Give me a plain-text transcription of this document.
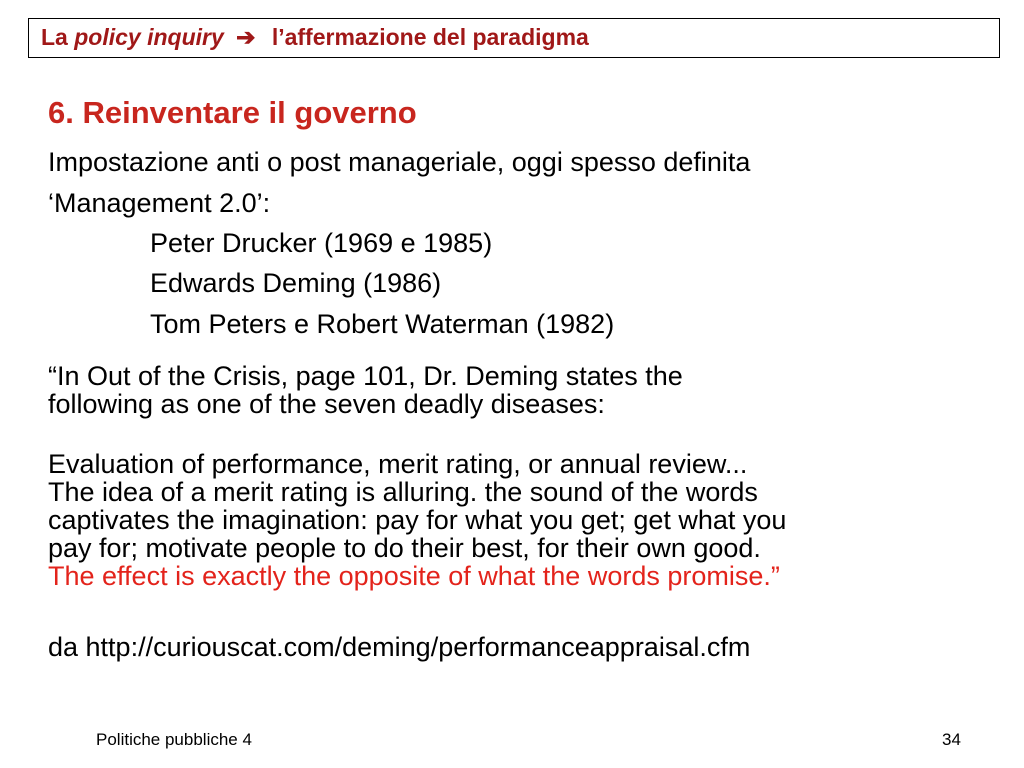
La policy inquiry ➔ l’affermazione del paradigma
6. Reinventare il governo
Impostazione anti o post manageriale, oggi spesso definita
‘Management 2.0’:
Peter Drucker (1969 e 1985)
Edwards Deming (1986)
Tom Peters e Robert Waterman (1982)

“In Out of the Crisis, page 101, Dr. Deming states the

following as one of the seven deadly diseases:

Evaluation of performance, merit rating, or annual review...

The idea of a merit rating is alluring. the sound of the words

captivates the imagination: pay for what you get; get what you

pay for; motivate people to do their best, for their own good.

The effect is exactly the opposite of what the words promise.”

da http://curiouscat.com/deming/performanceappraisal.cfm
Politiche pubbliche 4	34
